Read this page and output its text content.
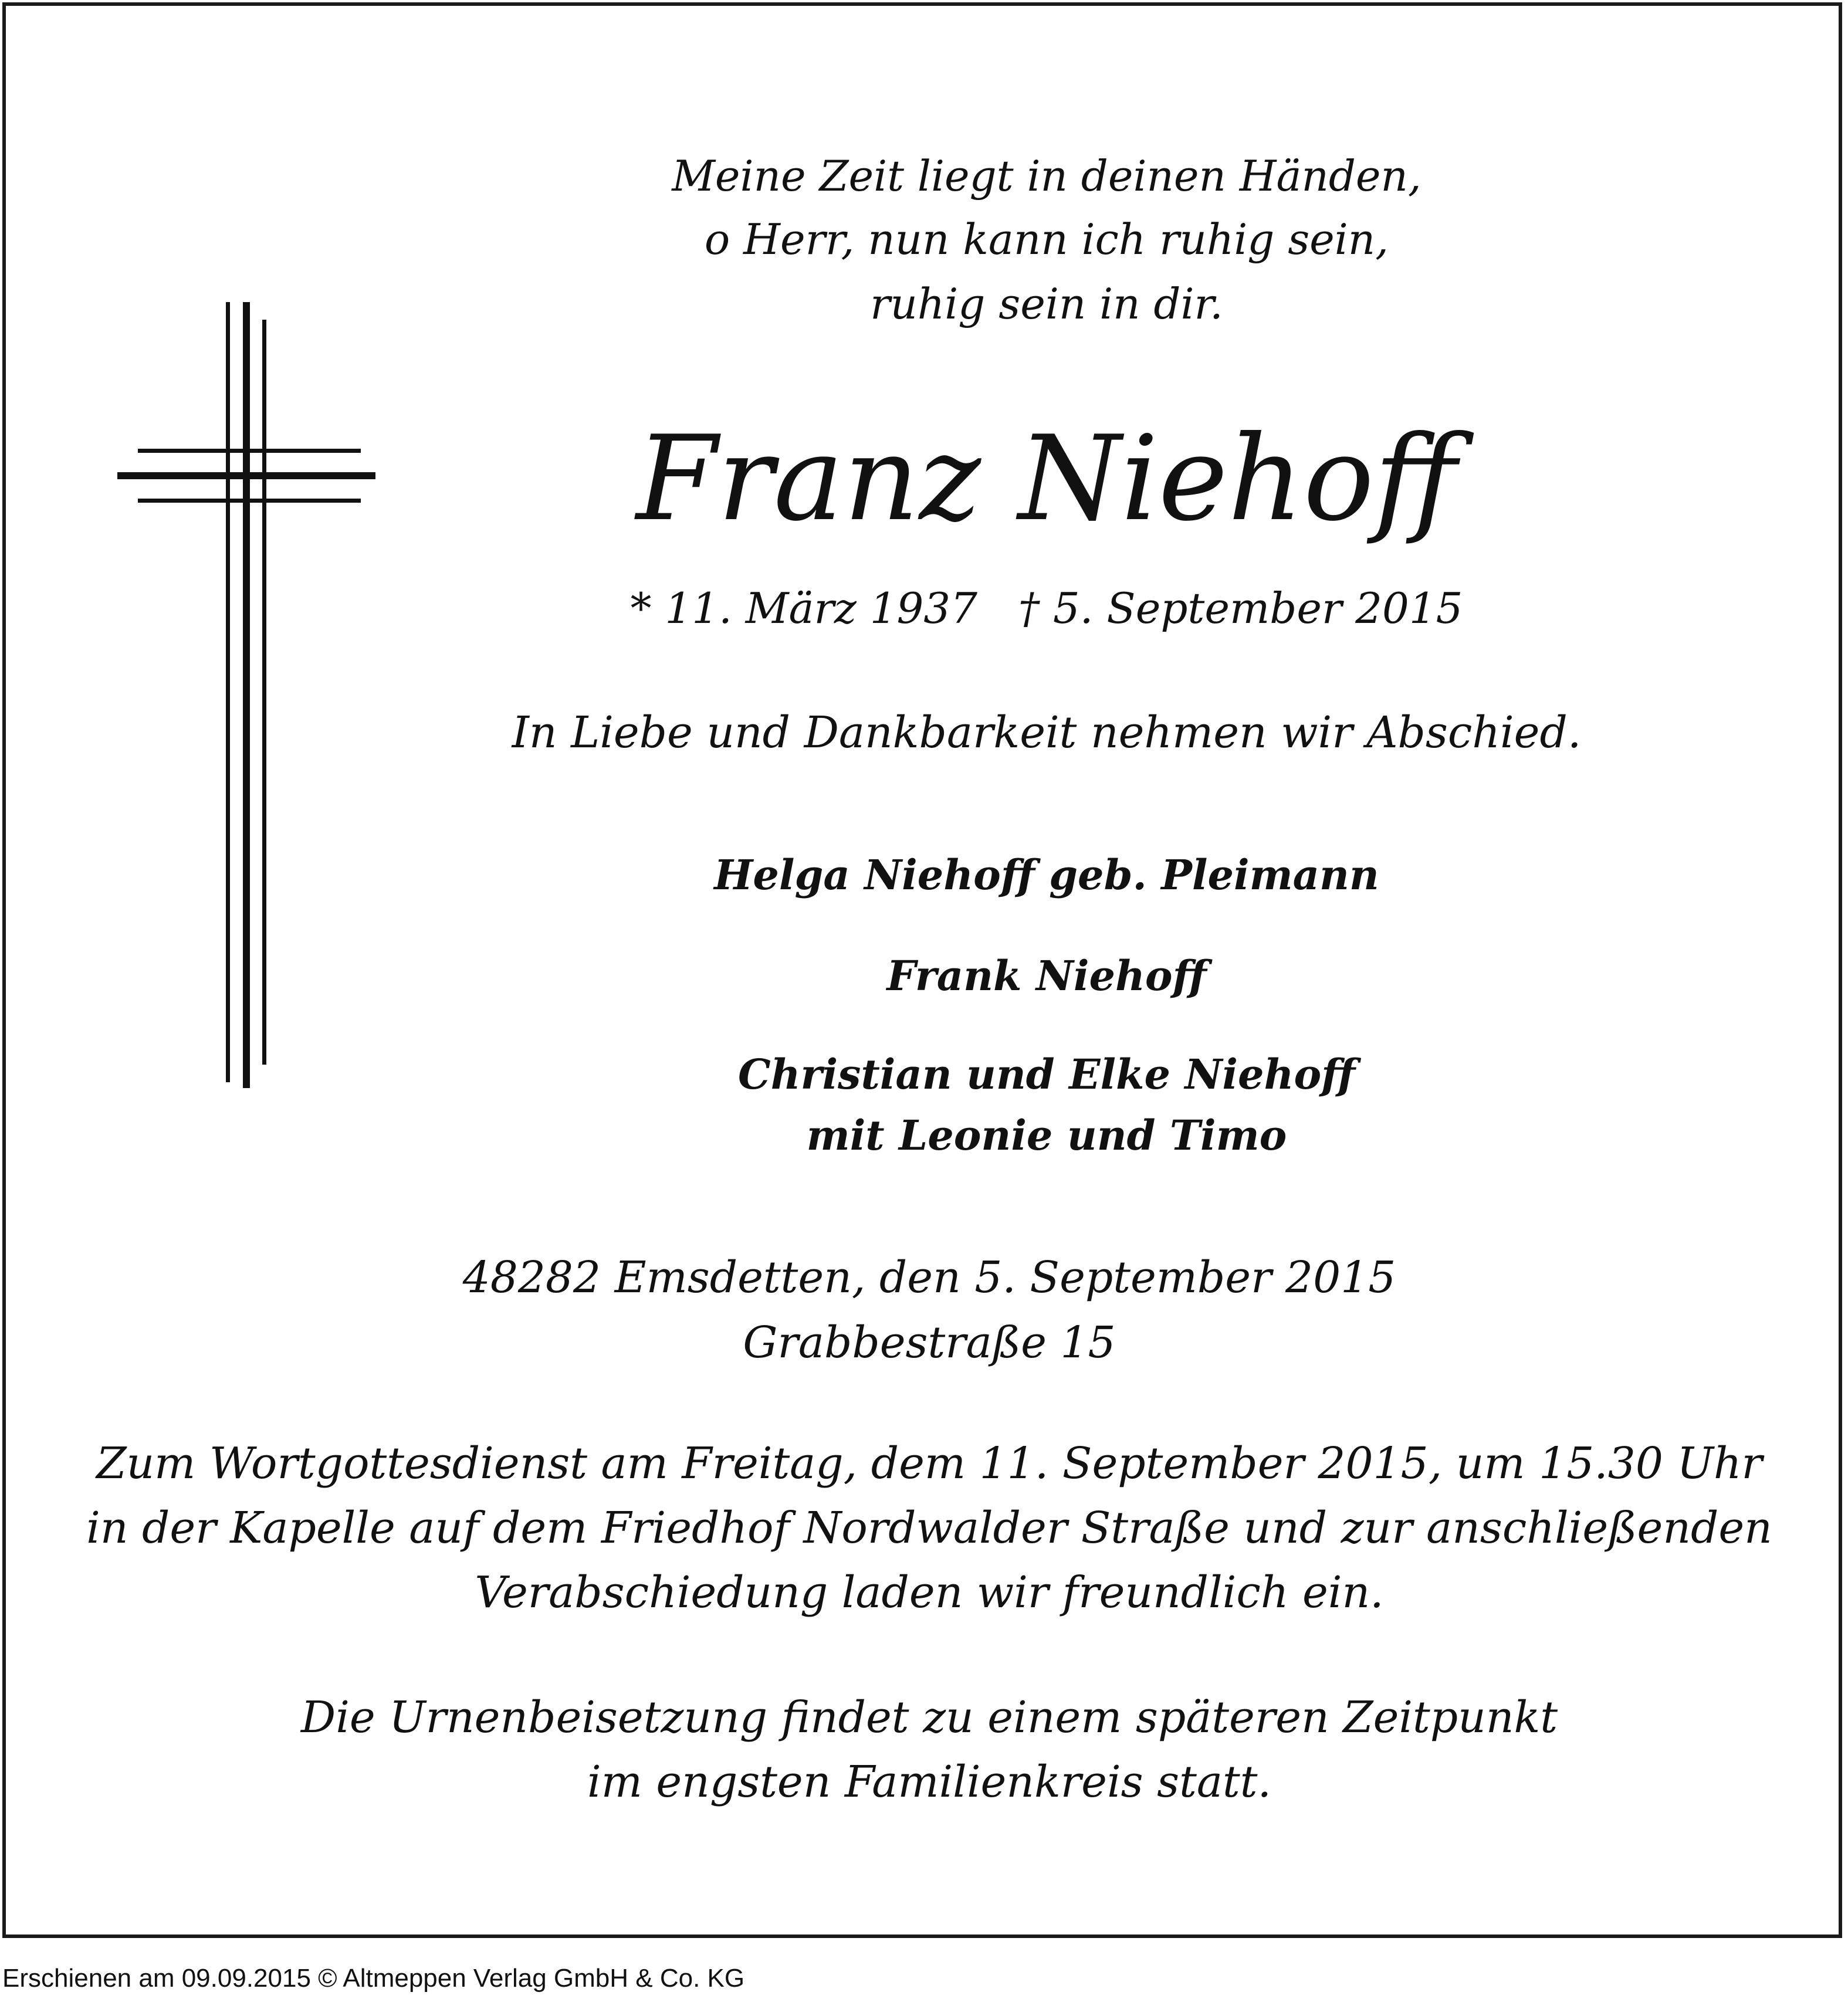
Meine Zeit liegt in deinen Händen,
o Herr, nun kann ich ruhig sein,
ruhig sein in dir.
Franz Niehoff
* 11. März 1937 † 5. September 2015
In Liebe und Dankbarkeit nehmen wir Abschied.
Helga Niehoff geb. Pleimann
Frank Niehoff
Christian und Elke Niehoff
mit Leonie und Timo
48282 Emsdetten, den 5. September 2015
Grabbestraße 15
Zum Wortgottesdienst am Freitag, dem 11. September 2015, um 15.30 Uhr
in der Kapelle auf dem Friedhof Nordwalder Straße und zur anschließenden
Verabschiedung laden wir freundlich ein.
Die Urnenbeisetzung findet zu einem späteren Zeitpunkt
im engsten Familienkreis statt.
Erschienen am 09.09.2015 © Altmeppen Verlag GmbH & Co. KG
